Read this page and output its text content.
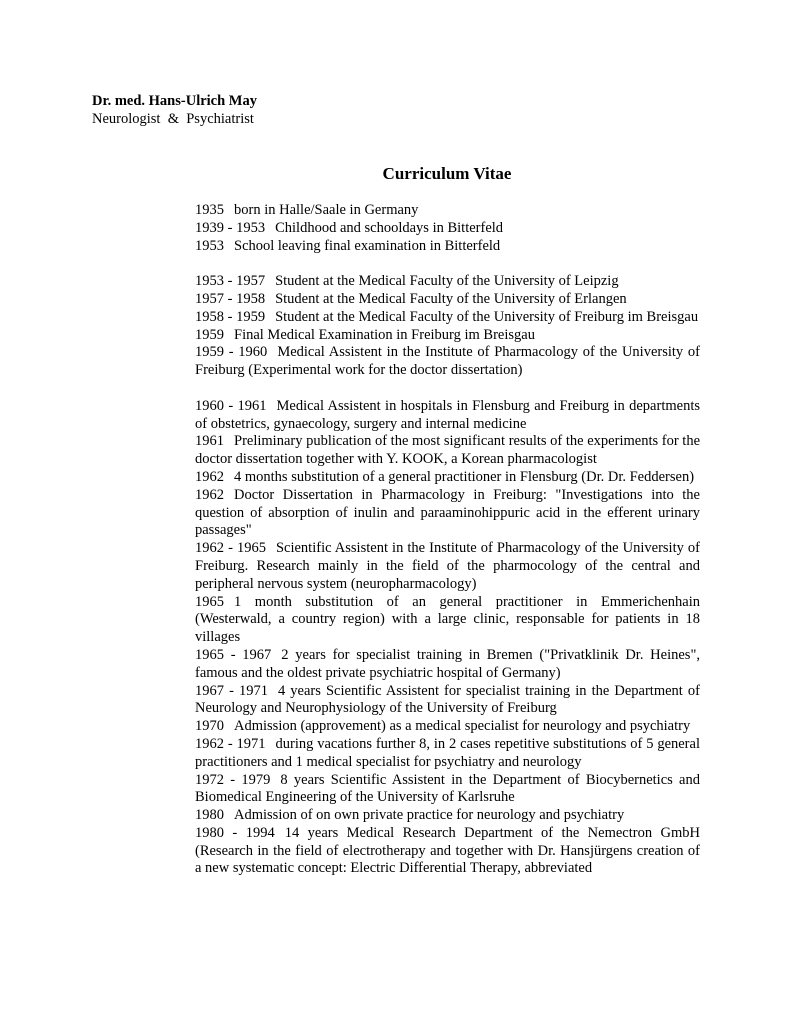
Dr. med. Hans-Ulrich May
Neurologist  &  Psychiatrist
Curriculum Vitae

1935 born in Halle/Saale in Germany

1939 - 1953 Childhood and schooldays in Bitterfeld

1953 School leaving final examination in Bitterfeld

1953 - 1957 Student at the Medical Faculty of the University of Leipzig

1957 - 1958 Student at the Medical Faculty of the University of Erlangen

1958 - 1959 Student at the Medical Faculty of the University of Freiburg im Breisgau

1959 Final Medical Examination in Freiburg im Breisgau

1959 - 1960 Medical Assistent in the Institute of Pharmacology of the University of Freiburg (Experimental work for the doctor dissertation)

1960 - 1961 Medical Assistent in hospitals in Flensburg and Freiburg in departments of obstetrics, gynaecology, surgery and internal medicine

1961 Preliminary publication of the most significant results of the experiments for the doctor dissertation together with Y. KOOK, a Korean pharmacologist

1962 4 months substitution of a general practitioner in Flensburg (Dr. Dr. Feddersen)

1962 Doctor Dissertation in Pharmacology in Freiburg: "Investigations into the question of absorption of inulin and paraaminohippuric acid in the efferent urinary passages"

1962 - 1965 Scientific Assistent in the Institute of Pharmacology of the University of Freiburg. Research mainly in the field of the pharmocology of the central and peripheral nervous system (neuropharmacology)

1965 1 month substitution of an general practitioner in Emmerichenhain (Westerwald, a country region) with a large clinic, responsable for patients in 18 villages

1965 - 1967 2 years for specialist training in Bremen ("Privatklinik Dr. Heines", famous and the oldest private psychiatric hospital of Germany)

1967 - 1971 4 years Scientific Assistent for specialist training in the Department of Neurology and Neurophysiology of the University of Freiburg

1970 Admission (approvement) as a medical specialist for neurology and psychiatry

1962 - 1971 during vacations further 8, in 2 cases repetitive substitutions of 5 general practitioners and 1 medical specialist for psychiatry and neurology

1972 - 1979 8 years Scientific Assistent in the Department of Biocybernetics and Biomedical Engineering of the University of Karlsruhe

1980 Admission of on own private practice for neurology and psychiatry

1980 - 1994 14 years Medical Research Department of the Nemectron GmbH (Research in the field of electrotherapy and together with Dr. Hansjürgens creation of a new systematic concept: Electric Differential Therapy, abbreviated
